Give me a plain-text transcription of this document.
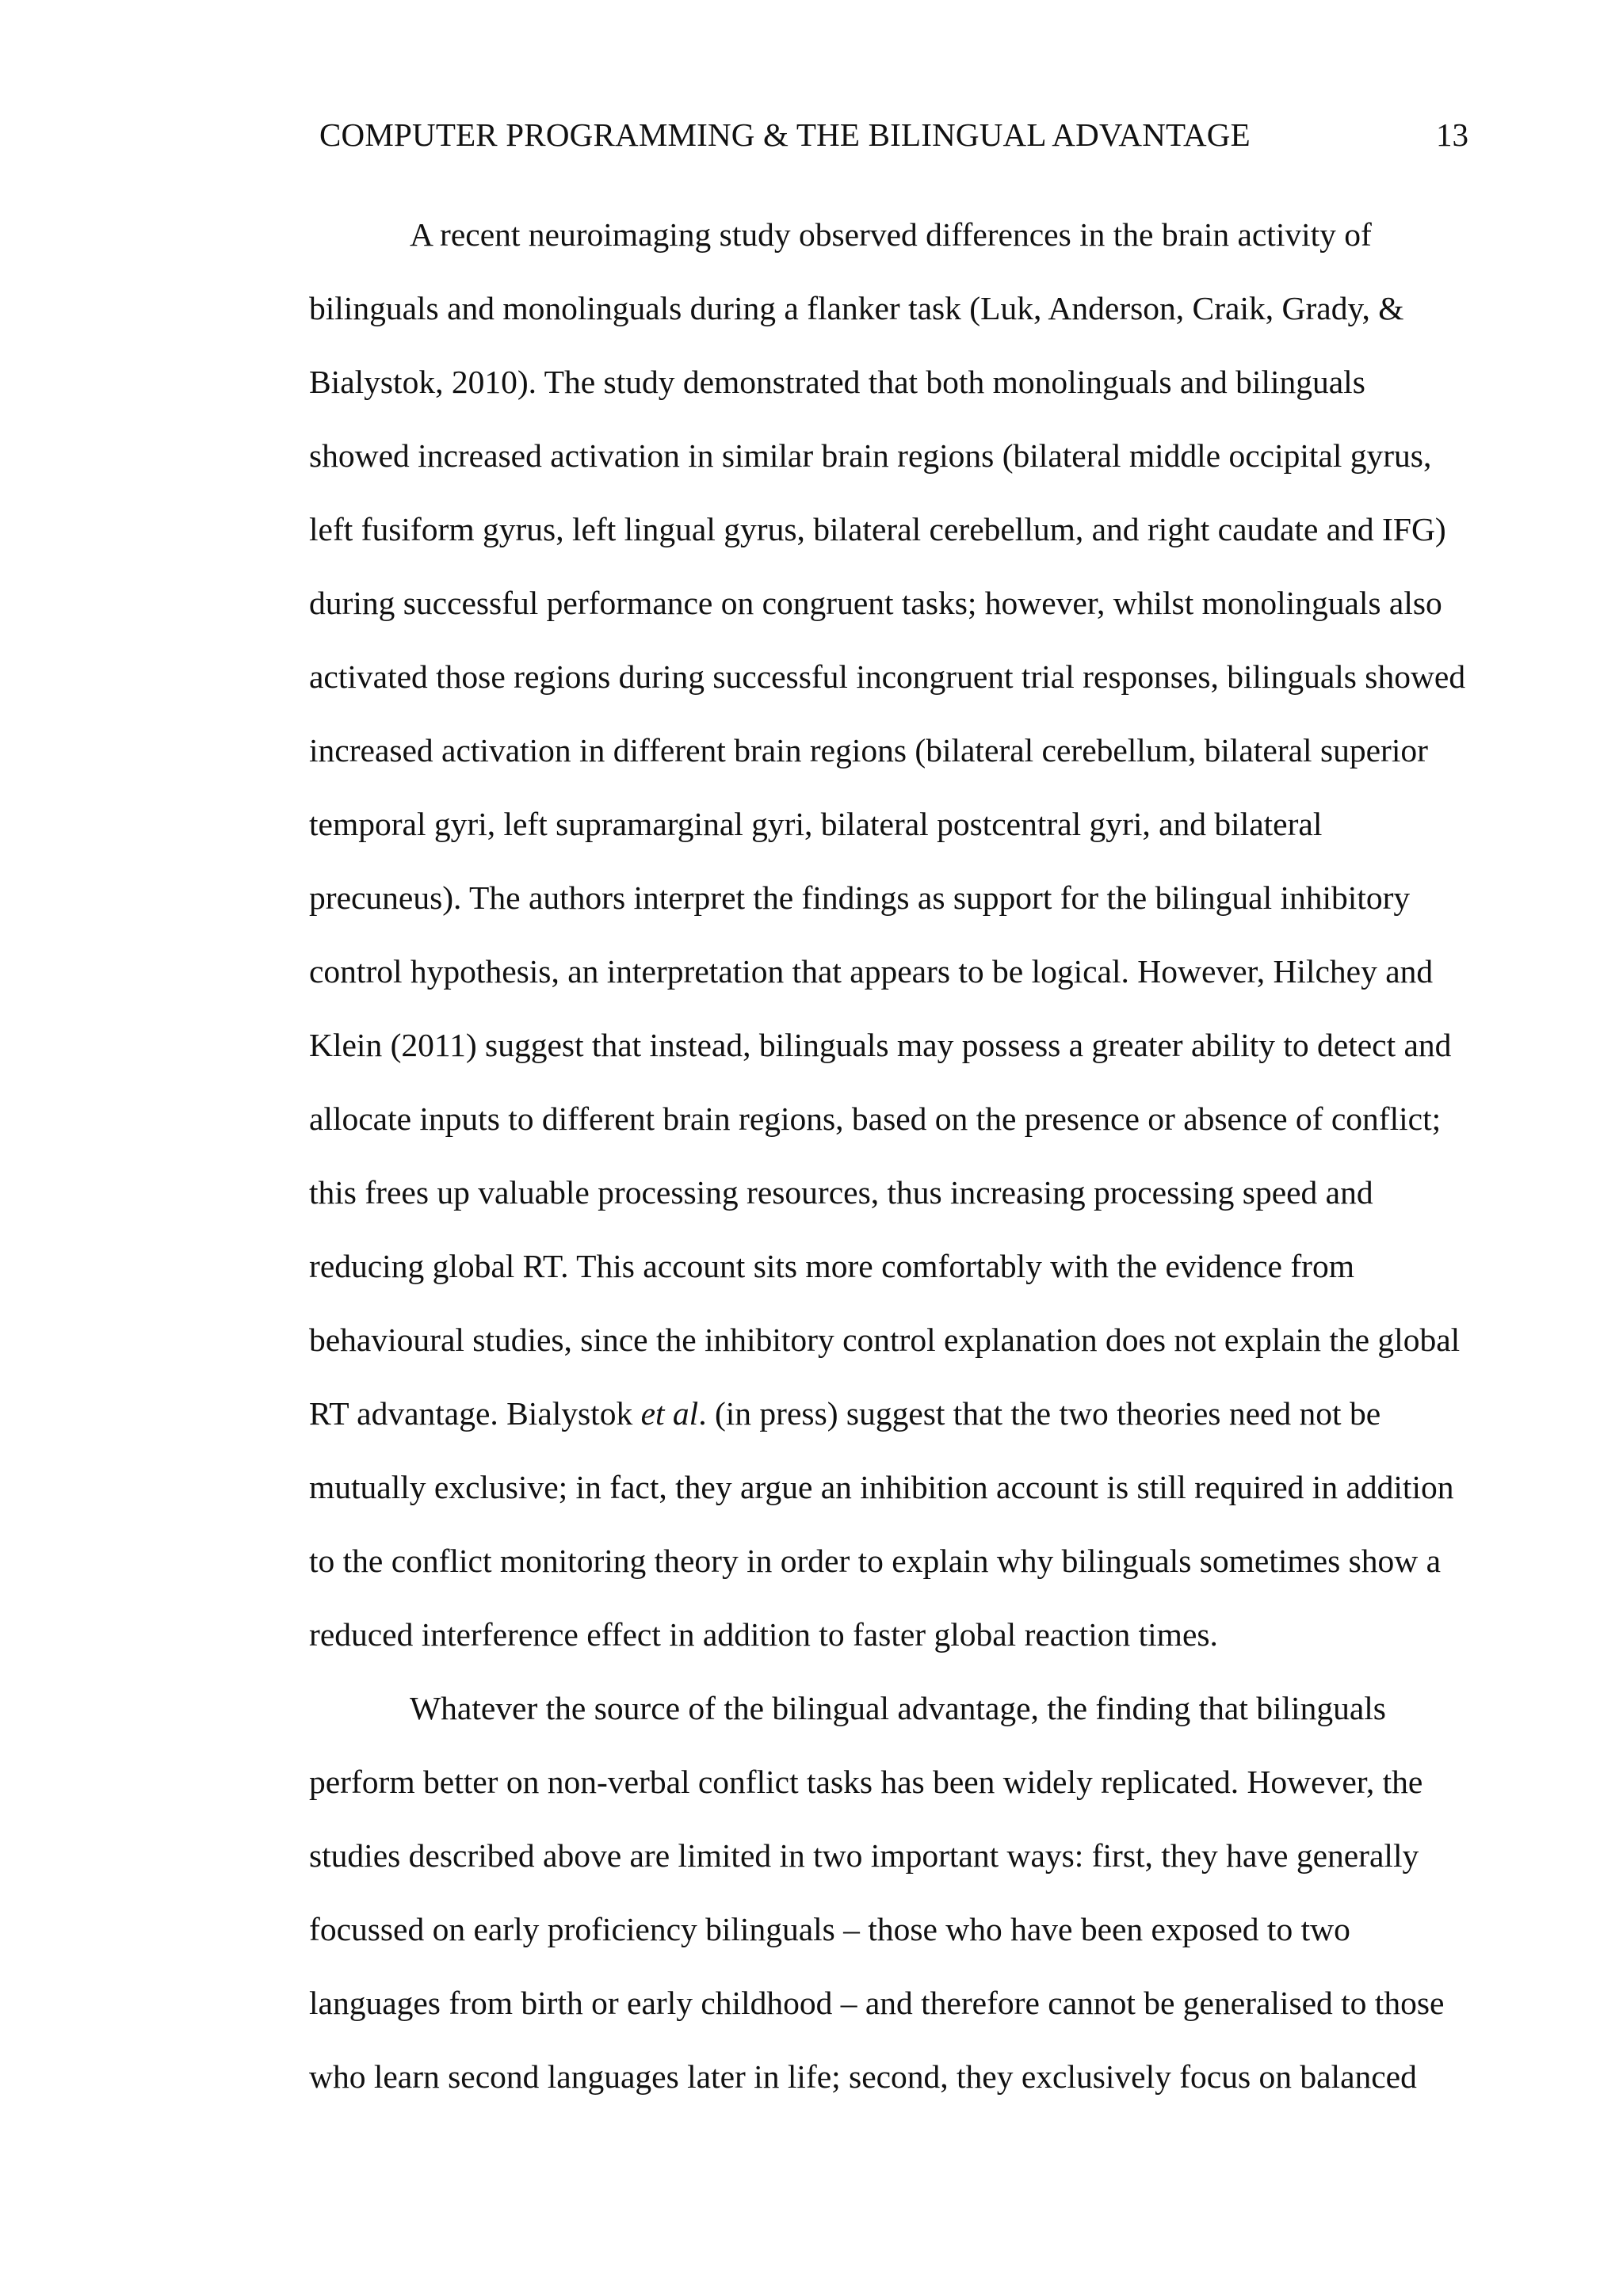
COMPUTER PROGRAMMING & THE BILINGUAL ADVANTAGE	13
A recent neuroimaging study observed differences in the brain activity of
bilinguals and monolinguals during a flanker task (Luk, Anderson, Craik, Grady, &
Bialystok, 2010). The study demonstrated that both monolinguals and bilinguals
showed increased activation in similar brain regions (bilateral middle occipital gyrus,
left fusiform gyrus, left lingual gyrus, bilateral cerebellum, and right caudate and IFG)
during successful performance on congruent tasks; however, whilst monolinguals also
activated those regions during successful incongruent trial responses, bilinguals showed
increased activation in different brain regions (bilateral cerebellum, bilateral superior
temporal gyri, left supramarginal gyri, bilateral postcentral gyri, and bilateral
precuneus). The authors interpret the findings as support for the bilingual inhibitory
control hypothesis, an interpretation that appears to be logical. However, Hilchey and
Klein (2011) suggest that instead, bilinguals may possess a greater ability to detect and
allocate inputs to different brain regions, based on the presence or absence of conflict;
this frees up valuable processing resources, thus increasing processing speed and
reducing global RT. This account sits more comfortably with the evidence from
behavioural studies, since the inhibitory control explanation does not explain the global
RT advantage. Bialystok et al. (in press) suggest that the two theories need not be
mutually exclusive; in fact, they argue an inhibition account is still required in addition
to the conflict monitoring theory in order to explain why bilinguals sometimes show a
reduced interference effect in addition to faster global reaction times.
Whatever the source of the bilingual advantage, the finding that bilinguals
perform better on non-verbal conflict tasks has been widely replicated. However, the
studies described above are limited in two important ways: first, they have generally
focussed on early proficiency bilinguals – those who have been exposed to two
languages from birth or early childhood – and therefore cannot be generalised to those
who learn second languages later in life; second, they exclusively focus on balanced
